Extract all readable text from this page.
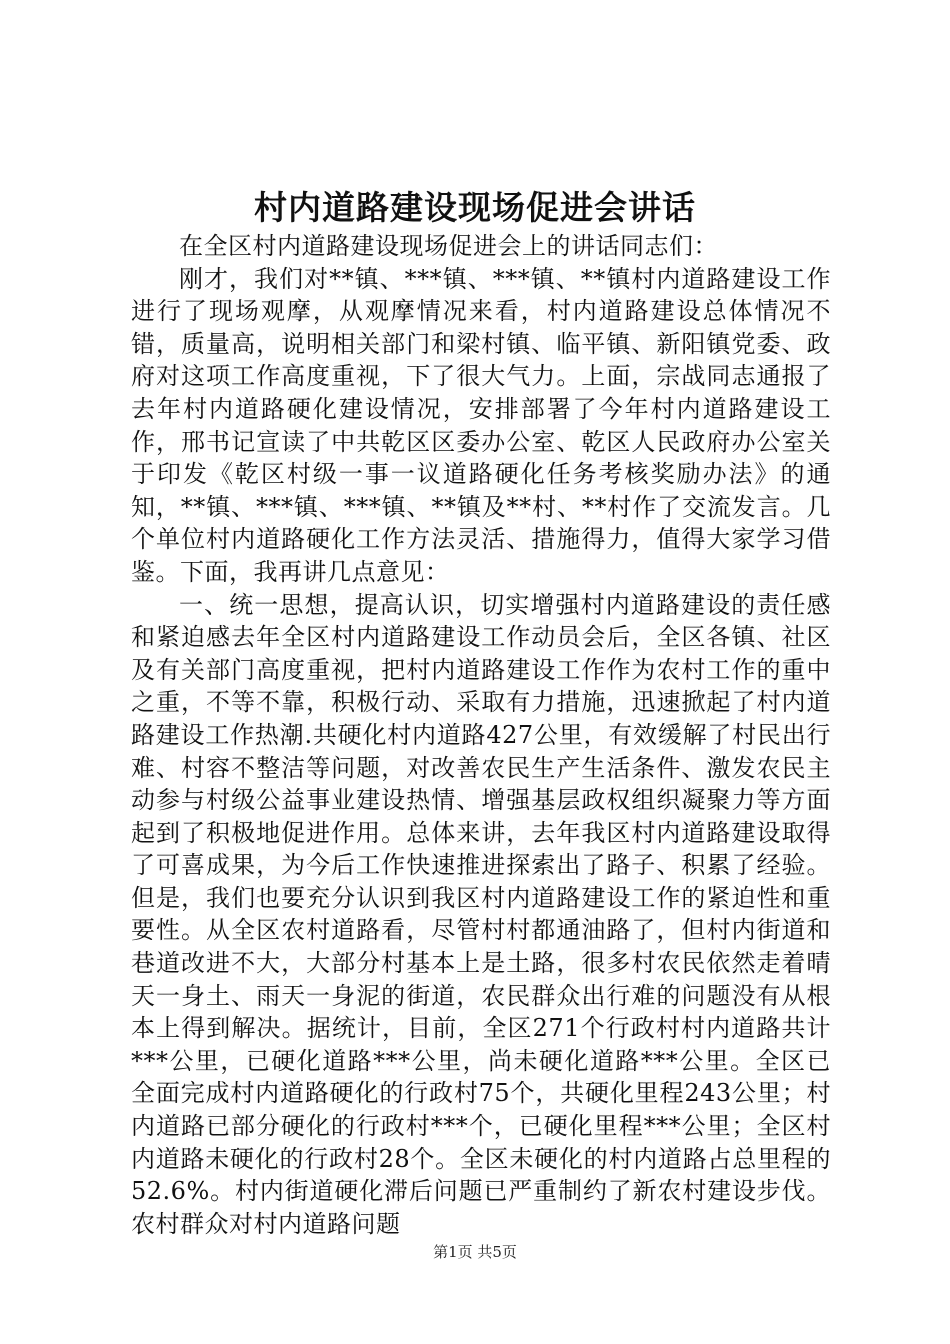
村内道路建设现场促进会讲话

在全区村内道路建设现场促进会上的讲话同志们：

刚才，我们对**镇、***镇、***镇、**镇村内道路建设工作进行了现场观摩，从观摩情况来看，村内道路建设总体情况不错，质量高，说明相关部门和梁村镇、临平镇、新阳镇党委、政府对这项工作高度重视，下了很大气力。上面，宗战同志通报了去年村内道路硬化建设情况，安排部署了今年村内道路建设工作，邢书记宣读了中共乾区区委办公室、乾区人民政府办公室关于印发《乾区村级一事一议道路硬化任务考核奖励办法》的通知，**镇、***镇、***镇、**镇及**村、**村作了交流发言。几个单位村内道路硬化工作方法灵活、措施得力，值得大家学习借鉴。下面，我再讲几点意见：

一、统一思想，提高认识，切实增强村内道路建设的责任感和紧迫感去年全区村内道路建设工作动员会后，全区各镇、社区及有关部门高度重视，把村内道路建设工作作为农村工作的重中之重，不等不靠，积极行动、采取有力措施，迅速掀起了村内道路建设工作热潮.共硬化村内道路427公里，有效缓解了村民出行难、村容不整洁等问题，对改善农民生产生活条件、激发农民主动参与村级公益事业建设热情、增强基层政权组织凝聚力等方面起到了积极地促进作用。总体来讲，去年我区村内道路建设取得了可喜成果，为今后工作快速推进探索出了路子、积累了经验。但是，我们也要充分认识到我区村内道路建设工作的紧迫性和重要性。从全区农村道路看，尽管村村都通油路了，但村内街道和巷道改进不大，大部分村基本上是土路，很多村农民依然走着晴天一身土、雨天一身泥的街道，农民群众出行难的问题没有从根本上得到解决。据统计，目前，全区271个行政村村内道路共计***公里，已硬化道路***公里，尚未硬化道路***公里。全区已全面完成村内道路硬化的行政村75个，共硬化里程243公里；村内道路已部分硬化的行政村***个，已硬化里程***公里；全区村内道路未硬化的行政村28个。全区未硬化的村内道路占总里程的52.6%。村内街道硬化滞后问题已严重制约了新农村建设步伐。农村群众对村内道路问题

第1页 共5页
